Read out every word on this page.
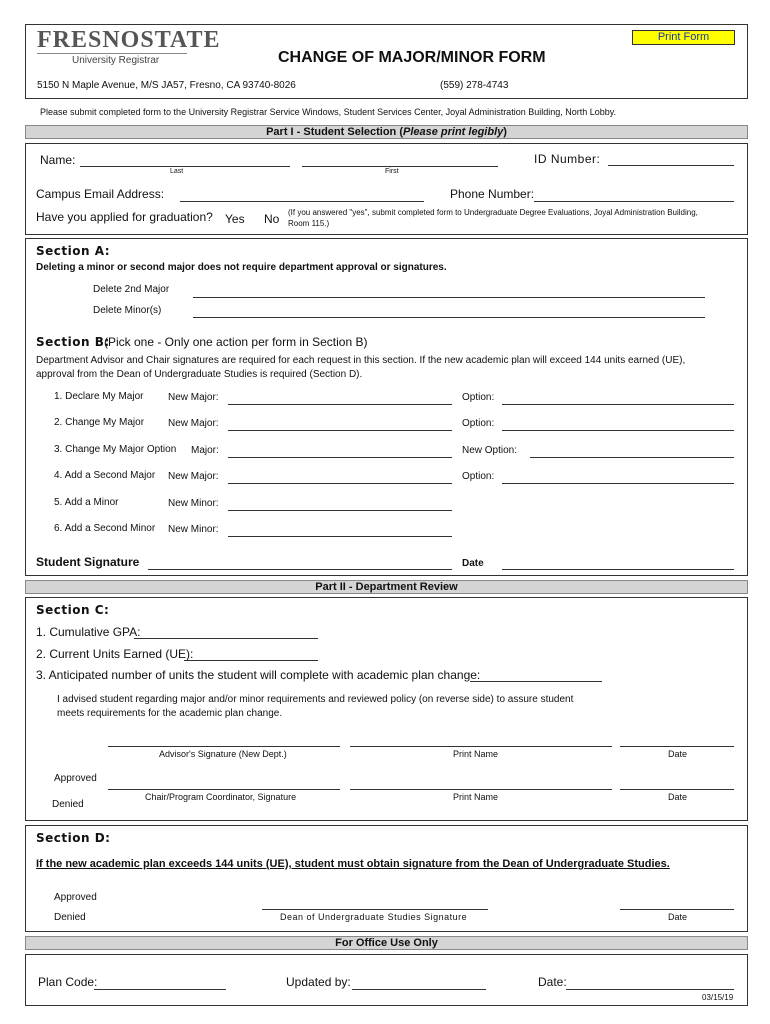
FRESNOSTATE
University Registrar	CHANGE OF MAJOR/MINOR FORM
Print Form
5150 N Maple Avenue, M/S JA57, Fresno, CA 93740-8026	(559) 278-4743
Please submit completed form to the University Registrar Service Windows, Student Services Center, Joyal Administration Building, North Lobby.
Part I - Student Selection (Please print legibly)
Name:
Last	First
ID Number:
Campus Email Address:	Phone Number:
Have you applied for graduation? Yes No (If you answered "yes", submit completed form to Undergraduate Degree Evaluations, Joyal Administration Building,
Room 115.)
Section A:
Deleting a minor or second major does not require department approval or signatures.
Delete 2nd Major
Delete Minor(s)
Section B:
(Pick one - Only one action per form in Section B)
Department Advisor and Chair signatures are required for each request in this section. If the new academic plan will exceed 144 units earned (UE),
approval from the Dean of Undergraduate Studies is required (Section D).
1. Declare My Major New Major:	Option:
2. Change My Major New Major:	Option:
3. Change My Major Option Major:	New Option:
4. Add a Second Major New Major:	Option:
5. Add a Minor	New Minor:
6. Add a Second Minor New Minor:
Student Signature	Date
Part II - Department Review
Section C:
1. Cumulative GPA:
2. Current Units Earned (UE):
3. Anticipated number of units the student will complete with academic plan change:
I advised student regarding major and/or minor requirements and reviewed policy (on reverse side) to assure student
meets requirements for the academic plan change.
Advisor's Signature (New Dept.)	Print Name	Date
Approved
Denied
Chair/Program Coordinator, Signature	Print Name	Date
Section D:
If the new academic plan exceeds 144 units (UE), student must obtain signature from the Dean of Undergraduate Studies.
Approved
Denied	Dean of Undergraduate Studies Signature	Date
For Office Use Only
Plan Code:	Updated by:	Date:
03/15/19
